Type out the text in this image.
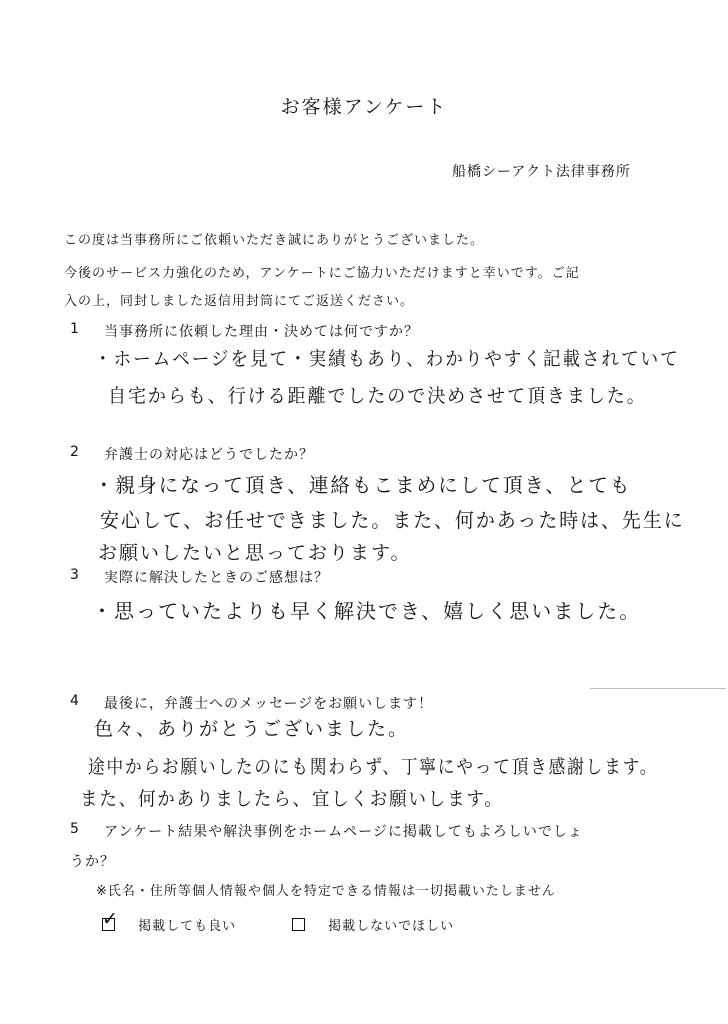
お客様アンケート
船橋シーアクト法律事務所
この度は当事務所にご依頼いただき誠にありがとうございました。
今後のサービス力強化のため，アンケートにご協力いただけますと幸いです。ご記
入の上，同封しました返信用封筒にてご返送ください。
1 当事務所に依頼した理由・決めては何ですか？
・ホームページを見て・実績もあり、わかりやすく記載されていて
自宅からも、行ける距離でしたので決めさせて頂きました。
2 弁護士の対応はどうでしたか？
・親身になって頂き、連絡もこまめにして頂き、とても
安心して、お任せできました。また、何かあった時は、先生に
お願いしたいと思っております。
3 実際に解決したときのご感想は？
・思っていたよりも早く解決でき、嬉しく思いました。
4 最後に，弁護士へのメッセージをお願いします！
色々、ありがとうございました。
途中からお願いしたのにも関わらず、丁寧にやって頂き感謝します。
また、何かありましたら、宜しくお願いします。
5 アンケート結果や解決事例をホームページに掲載してもよろしいでしょ
うか？
※氏名・住所等個人情報や個人を特定できる情報は一切掲載いたしません
✓ 掲載しても良い	掲載しないでほしい
